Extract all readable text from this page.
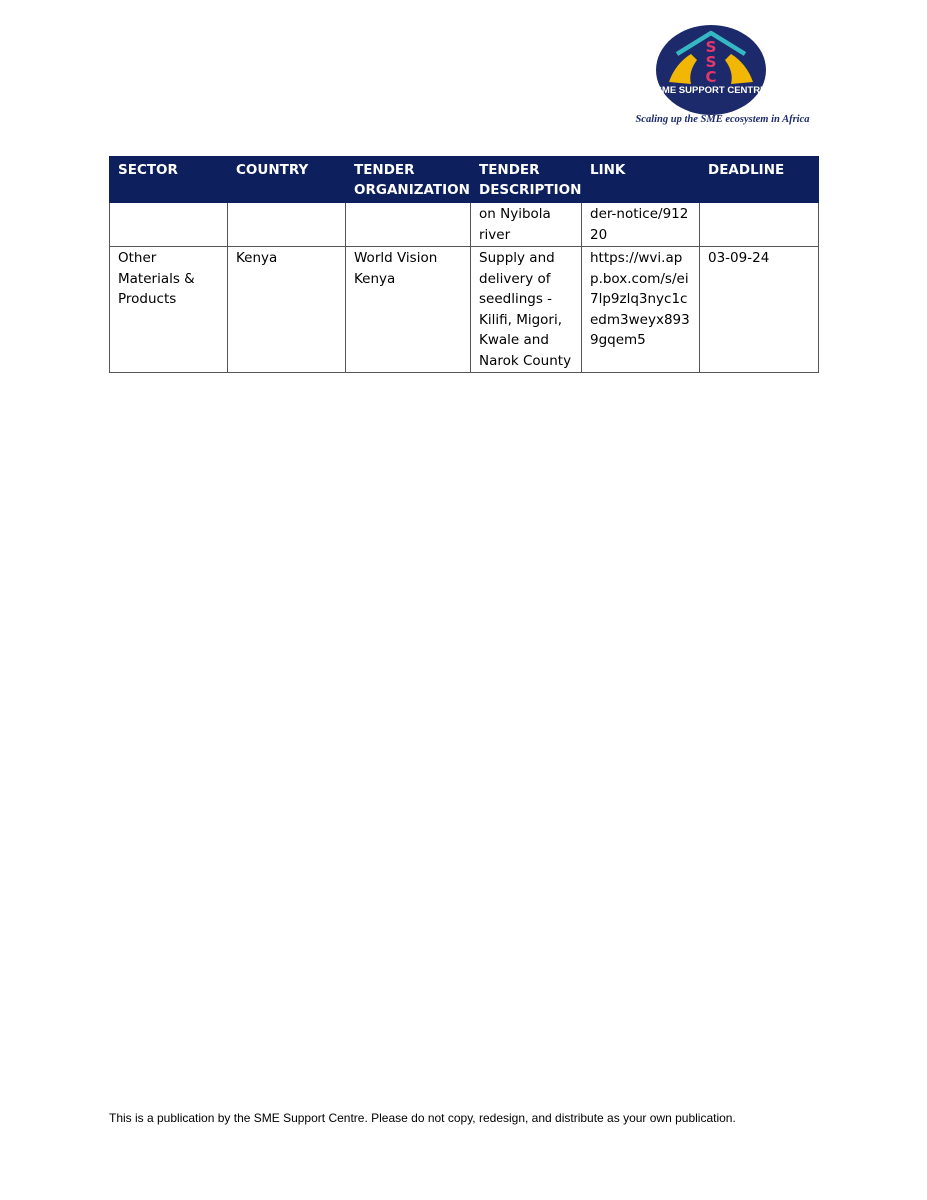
S
S
C
SME SUPPORT CENTRE
Scaling up the SME ecosystem in Africa
SECTOR	COUNTRY	TENDER ORGANIZATION	TENDER DESCRIPTION	LINK	DEADLINE
			on Nyibola river	der-notice/91220	
Other Materials & Products	Kenya	World Vision Kenya	Supply and delivery of seedlings - Kilifi, Migori, Kwale and Narok County	https://wvi.app.box.com/s/ei7lp9zlq3nyc1cedm3weyx8939gqem5	03-09-24
This is a publication by the SME Support Centre. Please do not copy, redesign, and distribute as your own publication.
